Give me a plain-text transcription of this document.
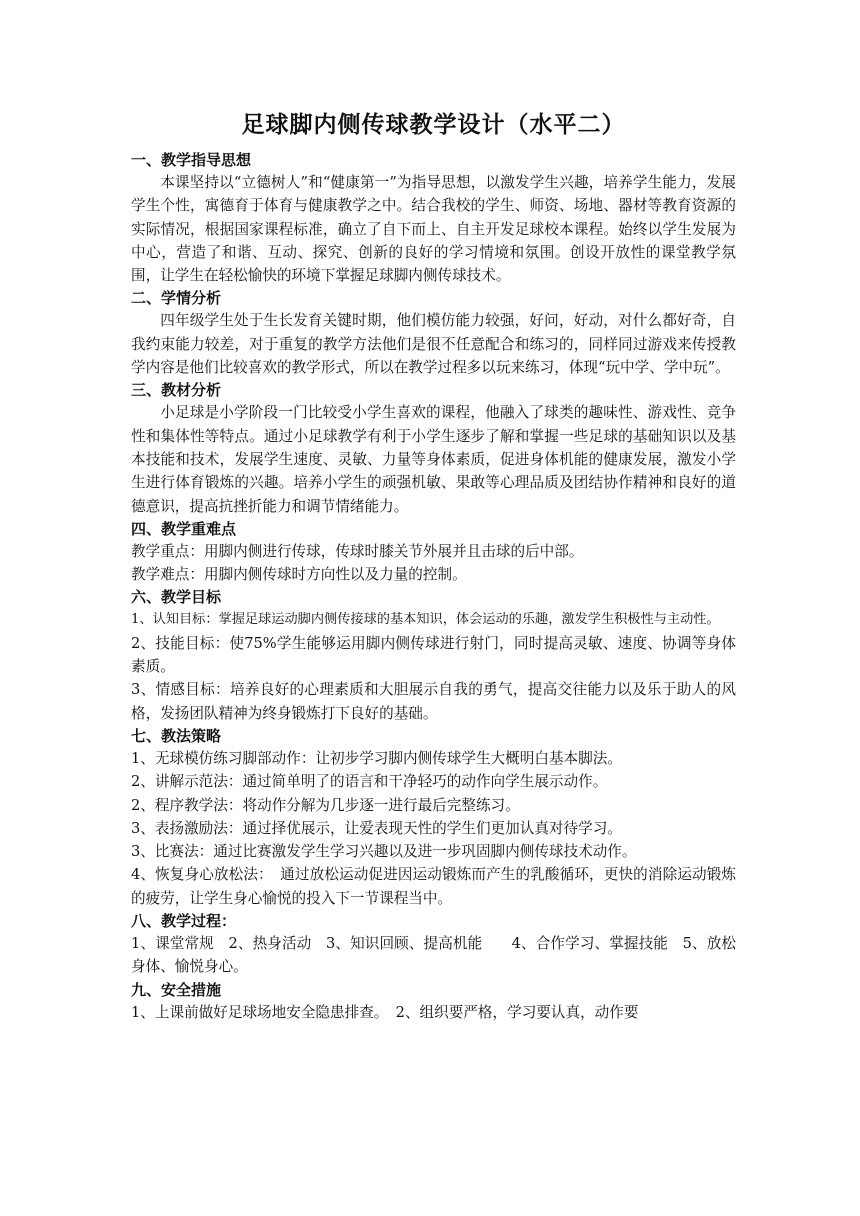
足球脚内侧传球教学设计（水平二）

一、教学指导思想

本课坚持以“立德树人”和“健康第一”为指导思想，以激发学生兴趣，培养学生能力，发展学生个性，寓德育于体育与健康教学之中。结合我校的学生、师资、场地、器材等教育资源的实际情况，根据国家课程标准，确立了自下而上、自主开发足球校本课程。始终以学生发展为中心，营造了和谐、互动、探究、创新的良好的学习情境和氛围。创设开放性的课堂教学氛围，让学生在轻松愉快的环境下掌握足球脚内侧传球技术。

二、学情分析

四年级学生处于生长发育关键时期，他们模仿能力较强，好问，好动，对什么都好奇，自我约束能力较差，对于重复的教学方法他们是很不任意配合和练习的，同样同过游戏来传授教学内容是他们比较喜欢的教学形式，所以在教学过程多以玩来练习，体现“玩中学、学中玩”。

三、教材分析

小足球是小学阶段一门比较受小学生喜欢的课程，他融入了球类的趣味性、游戏性、竞争性和集体性等特点。通过小足球教学有利于小学生逐步了解和掌握一些足球的基础知识以及基本技能和技术，发展学生速度、灵敏、力量等身体素质，促进身体机能的健康发展，激发小学生进行体育锻炼的兴趣。培养小学生的顽强机敏、果敢等心理品质及团结协作精神和良好的道德意识，提高抗挫折能力和调节情绪能力。

四、教学重难点

教学重点：用脚内侧进行传球，传球时膝关节外展并且击球的后中部。

教学难点：用脚内侧传球时方向性以及力量的控制。

六、教学目标

1、认知目标：掌握足球运动脚内侧传接球的基本知识，体会运动的乐趣，激发学生积极性与主动性。

2、技能目标：使75%学生能够运用脚内侧传球进行射门，同时提高灵敏、速度、协调等身体素质。

3、情感目标：培养良好的心理素质和大胆展示自我的勇气，提高交往能力以及乐于助人的风格，发扬团队精神为终身锻炼打下良好的基础。

七、教法策略

1、无球模仿练习脚部动作：让初步学习脚内侧传球学生大概明白基本脚法。

2、讲解示范法：通过简单明了的语言和干净轻巧的动作向学生展示动作。

2、程序教学法：将动作分解为几步逐一进行最后完整练习。

3、表扬激励法：通过择优展示，让爱表现天性的学生们更加认真对待学习。

3、比赛法：通过比赛激发学生学习兴趣以及进一步巩固脚内侧传球技术动作。

4、恢复身心放松法：　通过放松运动促进因运动锻炼而产生的乳酸循环，更快的消除运动锻炼的疲劳，让学生身心愉悦的投入下一节课程当中。

八、教学过程：

1、课堂常规　2、热身活动　3、知识回顾、提高机能　　4、合作学习、掌握技能　5、放松身体、愉悦身心。

九、安全措施

1、上课前做好足球场地安全隐患排查。　2、组织要严格，学习要认真，动作要
